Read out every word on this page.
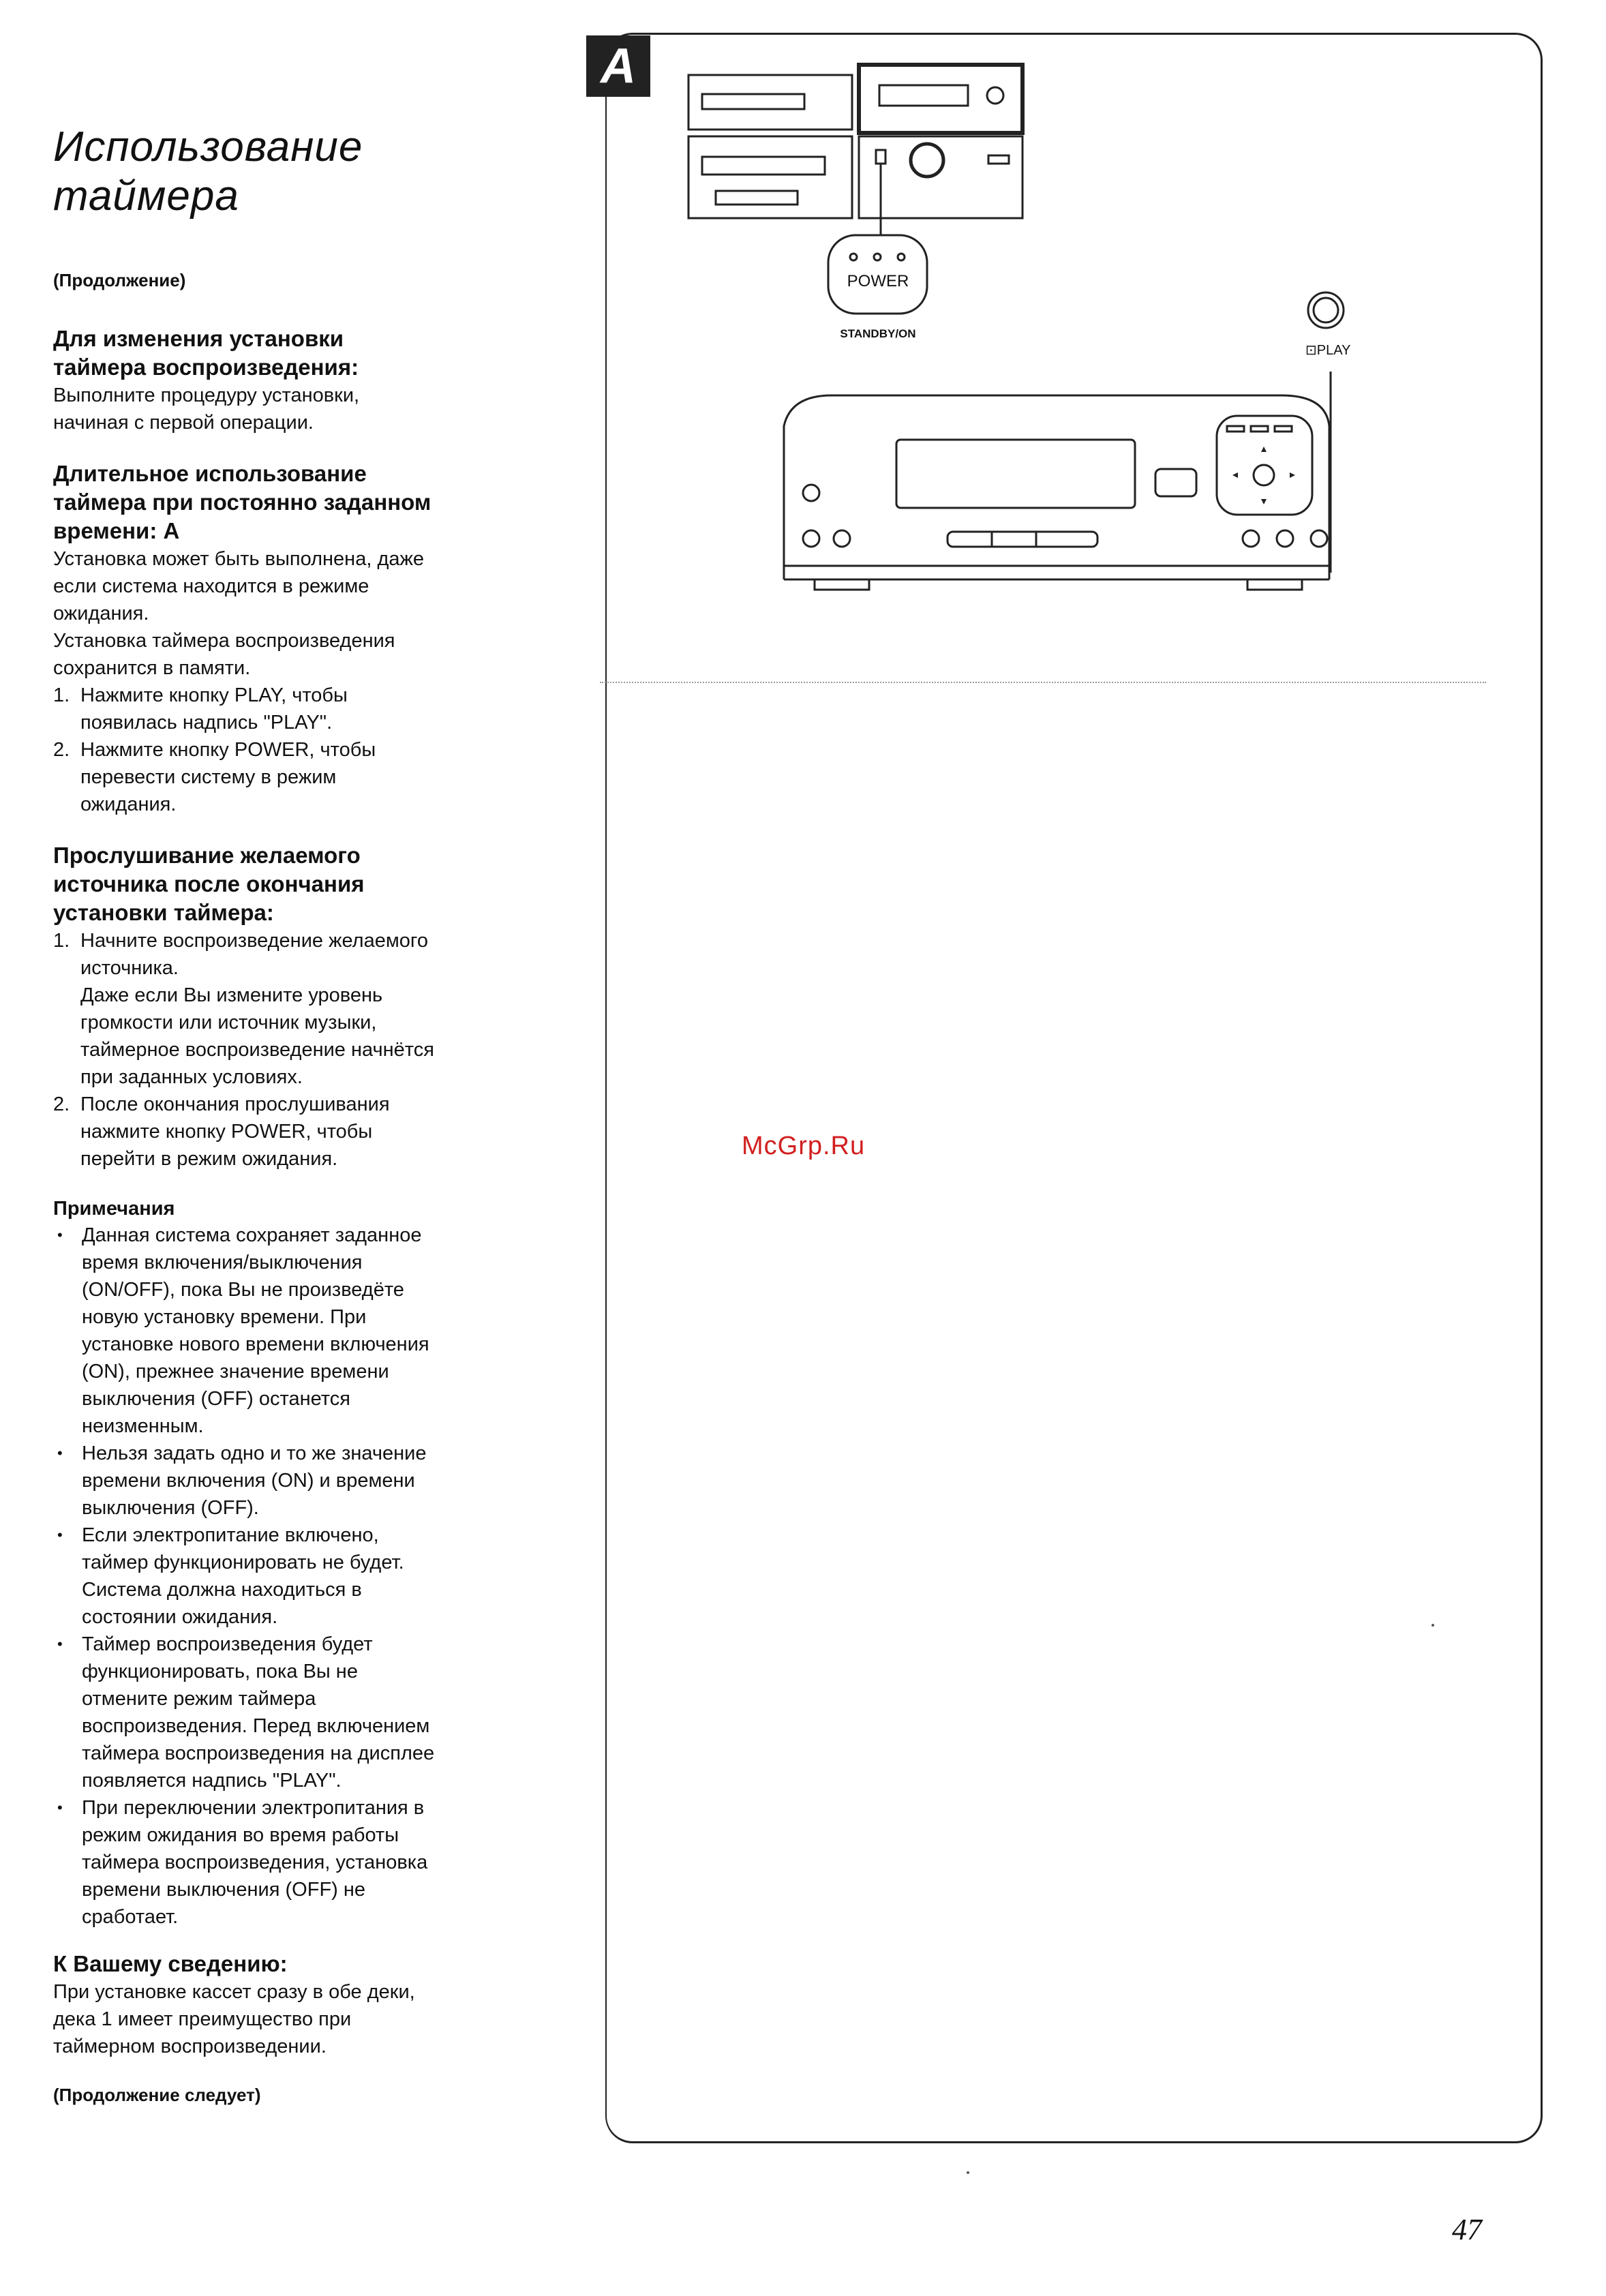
Использование
таймера
(Продолжение)
Для изменения установки
таймера воспроизведения:
Выполните процедуру установки,
начиная с первой операции.
Длительное использование
таймера при постоянно заданном
времени: A
Установка может быть выполнена, даже
если система находится в режиме
ожидания.
Установка таймера воспроизведения
сохранится в памяти.
1. Нажмите кнопку PLAY, чтобы
появилась надпись "PLAY".
2. Нажмите кнопку POWER, чтобы
перевести систему в режим
ожидания.
Прослушивание желаемого
источника после окончания
установки таймера:
1. Начните воспроизведение желаемого
источника.
Даже если Вы измените уровень
громкости или источник музыки,
таймерное воспроизведение начнётся
при заданных условиях.
2. После окончания прослушивания
нажмите кнопку POWER, чтобы
перейти в режим ожидания.
Примечания
• Данная система сохраняет заданное
время включения/выключения
(ON/OFF), пока Вы не произведёте
новую установку времени. При
установке нового времени включения
(ON), прежнее значение времени
выключения (OFF) останется
неизменным.
• Нельзя задать одно и то же значение
времени включения (ON) и времени
выключения (OFF).
• Если электропитание включено,
таймер функционировать не будет.
Система должна находиться в
состоянии ожидания.
• Таймер воспроизведения будет
функционировать, пока Вы не
отмените режим таймера
воспроизведения. Перед включением
таймера воспроизведения на дисплее
появляется надпись "PLAY".
• При переключении электропитания в
режим ожидания во время работы
таймера воспроизведения, установка
времени выключения (OFF) не
сработает.
К Вашему сведению:
При установке кассет сразу в обе деки,
дека 1 имеет преимущество при
таймерном воспроизведении.
(Продолжение следует)
A
POWER
STANDBY/ON
⊡PLAY
McGrp.Ru
47
